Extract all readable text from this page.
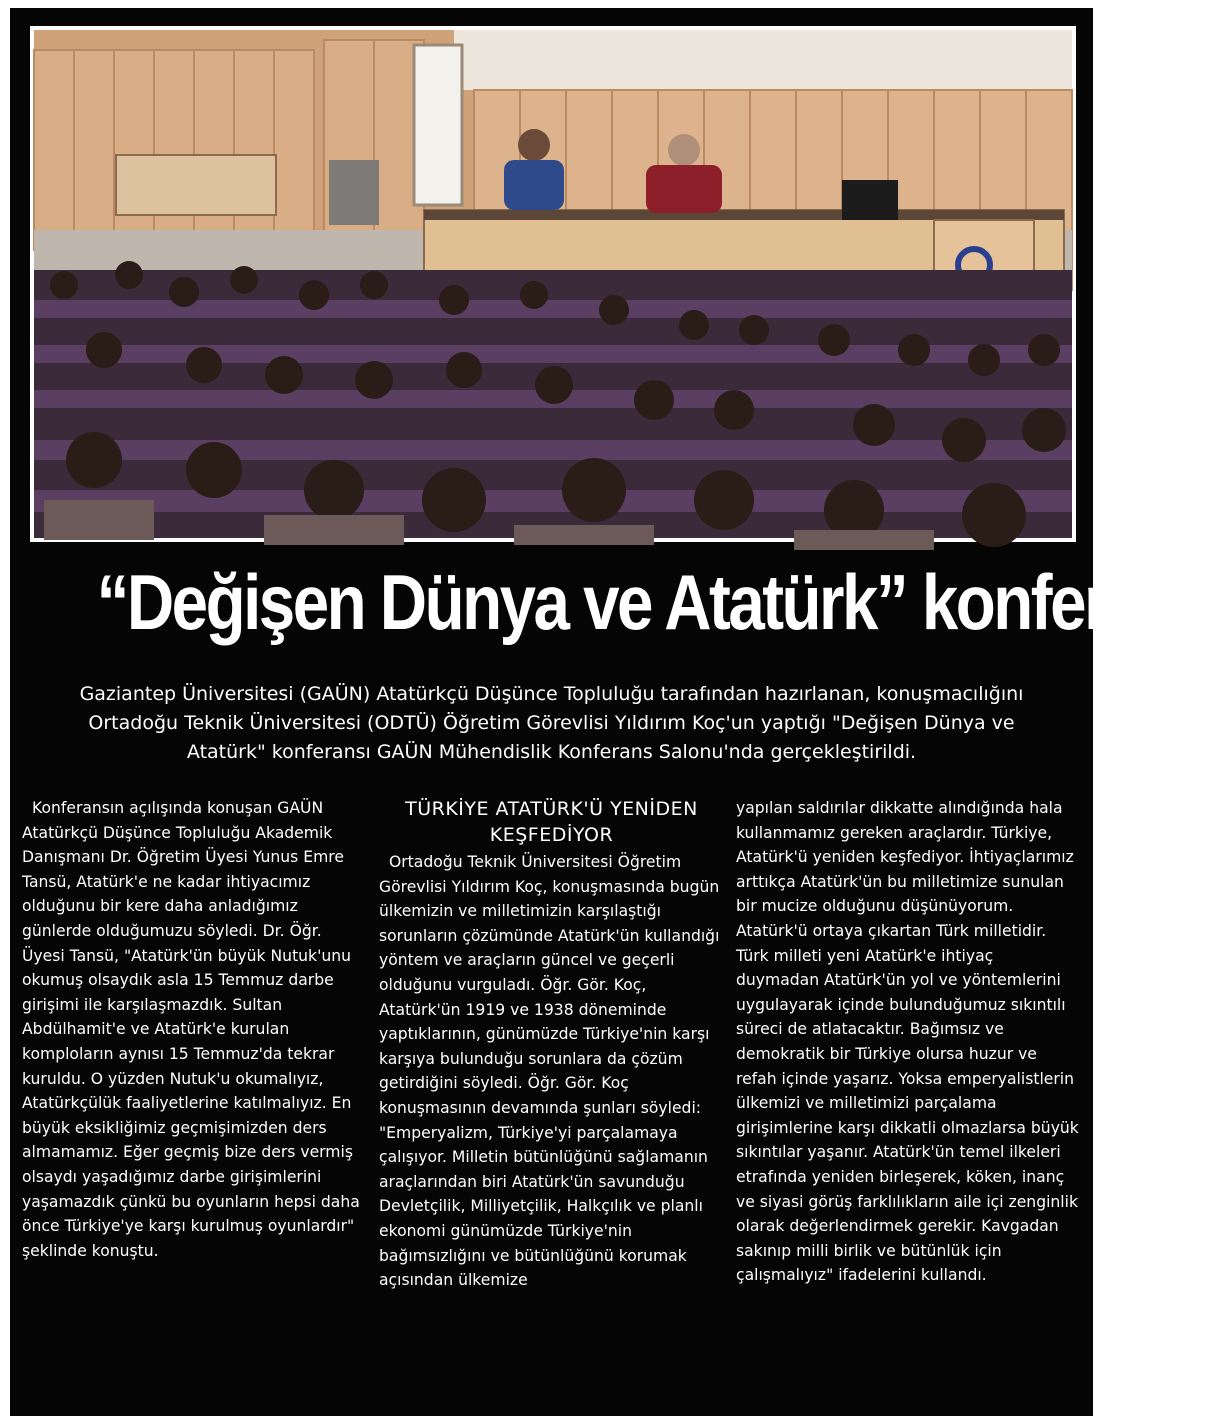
“Değişen Dünya ve Atatürk” konferansı

Gaziantep Üniversitesi (GAÜN) Atatürkçü Düşünce Topluluğu tarafından hazırlanan, konuşmacılığını Ortadoğu Teknik Üniversitesi (ODTÜ) Öğretim Görevlisi Yıldırım Koç'un yaptığı "Değişen Dünya ve Atatürk" konferansı GAÜN Mühendislik Konferans Salonu'nda gerçekleştirildi.

Konferansın açılışında konuşan GAÜN Atatürkçü Düşünce Topluluğu Akademik Danışmanı Dr. Öğretim Üyesi Yunus Emre Tansü, Atatürk'e ne kadar ihtiyacımız olduğunu bir kere daha anladığımız günlerde olduğumuzu söyledi. Dr. Öğr. Üyesi Tansü, "Atatürk'ün büyük Nutuk'unu okumuş olsaydık asla 15 Temmuz darbe girişimi ile karşılaşmazdık. Sultan Abdülhamit'e ve Atatürk'e kurulan komploların aynısı 15 Temmuz'da tekrar kuruldu. O yüzden Nutuk'u okumalıyız, Atatürkçülük faaliyetlerine katılmalıyız. En büyük eksikliğimiz geçmişimizden ders almamamız. Eğer geçmiş bize ders vermiş olsaydı yaşadığımız darbe girişimlerini yaşamazdık çünkü bu oyunların hepsi daha önce Türkiye'ye karşı kurulmuş oyunlardır" şeklinde konuştu.

TÜRKİYE ATATÜRK'Ü YENİDEN KEŞFEDİYOR

Ortadoğu Teknik Üniversitesi Öğretim Görevlisi Yıldırım Koç, konuşmasında bugün ülkemizin ve milletimizin karşılaştığı sorunların çözümünde Atatürk'ün kullandığı yöntem ve araçların güncel ve geçerli olduğunu vurguladı. Öğr. Gör. Koç, Atatürk'ün 1919 ve 1938 döneminde yaptıklarının, günümüzde Türkiye'nin karşı karşıya bulunduğu sorunlara da çözüm getirdiğini söyledi. Öğr. Gör. Koç konuşmasının devamında şunları söyledi: "Emperyalizm, Türkiye'yi parçalamaya çalışıyor. Milletin bütünlüğünü sağlamanın araçlarından biri Atatürk'ün savunduğu Devletçilik, Milliyetçilik, Halkçılık ve planlı ekonomi günümüzde Türkiye'nin bağımsızlığını ve bütünlüğünü korumak açısından ülkemize

yapılan saldırılar dikkatte alındığında hala kullanmamız gereken araçlardır. Türkiye, Atatürk'ü yeniden keşfediyor. İhtiyaçlarımız arttıkça Atatürk'ün bu milletimize sunulan bir mucize olduğunu düşünüyorum. Atatürk'ü ortaya çıkartan Türk milletidir. Türk milleti yeni Atatürk'e ihtiyaç duymadan Atatürk'ün yol ve yöntemlerini uygulayarak içinde bulunduğumuz sıkıntılı süreci de atlatacaktır. Bağımsız ve demokratik bir Türkiye olursa huzur ve refah içinde yaşarız. Yoksa emperyalistlerin ülkemizi ve milletimizi parçalama girişimlerine karşı dikkatli olmazlarsa büyük sıkıntılar yaşanır. Atatürk'ün temel ilkeleri etrafında yeniden birleşerek, köken, inanç ve siyasi görüş farklılıkların aile içi zenginlik olarak değerlendirmek gerekir. Kavgadan sakınıp milli birlik ve bütünlük için çalışmalıyız" ifadelerini kullandı.
